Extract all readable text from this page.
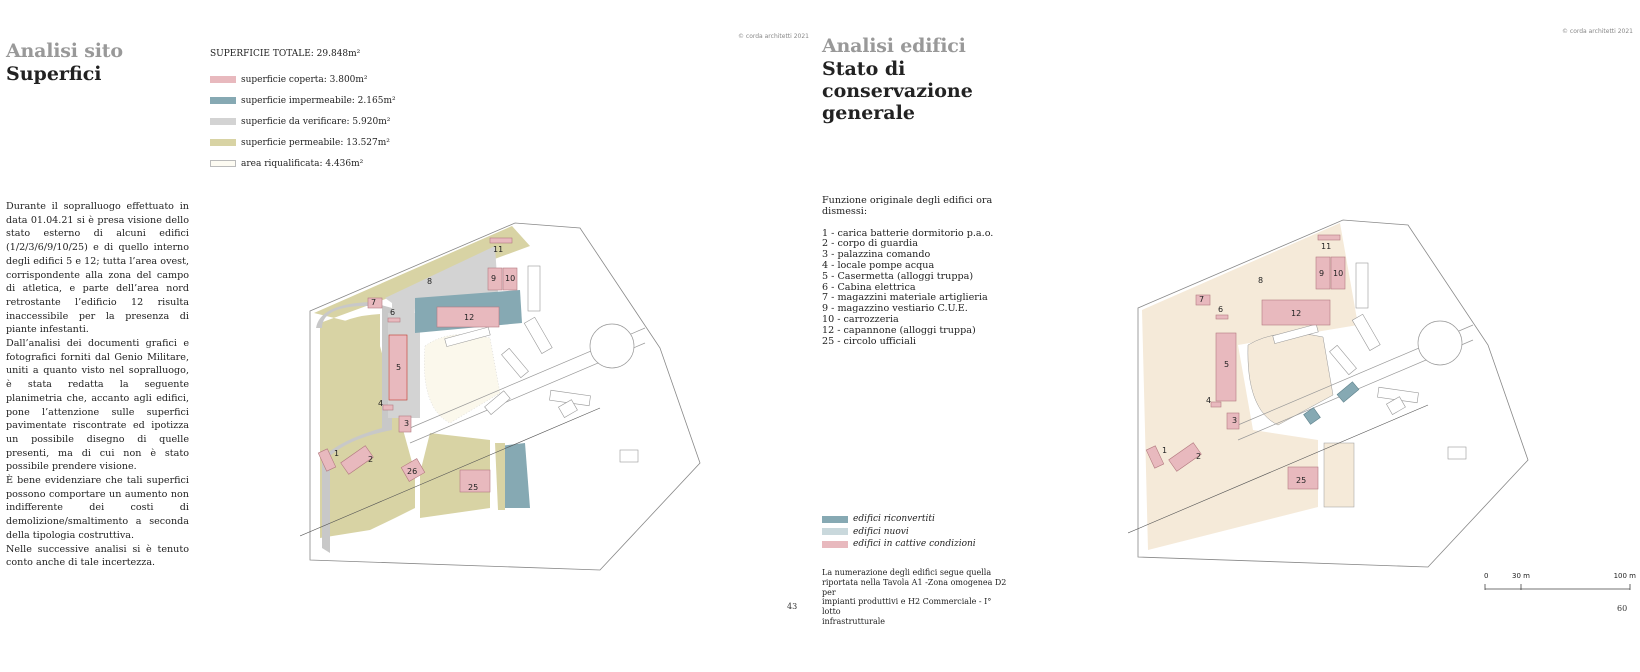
© corda architetti 2021
Analisi sito
Superfici
SUPERFICIE TOTALE: 29.848m²
superficie coperta: 3.800m²
superficie impermeabile: 2.165m²
superficie da verificare: 5.920m²
superficie permeabile: 13.527m²
area riqualificata: 4.436m²

Durante il sopralluogo effettuato in data 01.04.21 si è presa visione dello stato esterno di alcuni edifici (1/2/3/6/9/10/25) e di quello interno degli edifici 5 e 12; tutta l’area ovest, corrispondente alla zona del campo di atletica, e parte dell’area nord retrostante l’edificio 12 risulta inaccessibile per la presenza di piante infestanti.

Dall’analisi dei documenti grafici e fotografici forniti dal Genio Militare, uniti a quanto visto nel sopralluogo, è stata redatta la seguente planimetria che, accanto agli edifici, pone l’attenzione sulle superfici pavimentate riscontrate ed ipotizza un possibile disegno di quelle presenti, ma di cui non è stato possibile prendere visione.

È bene evidenziare che tali superfici possono comportare un aumento non indifferente dei costi di demolizione/smaltimento a seconda della tipologia costruttiva.

Nelle successive analisi si è tenuto conto anche di tale incertezza.

1
2
3
4
5
6
7
8	9 10
11
12
25
26
43
© corda architetti 2021
Analisi edifici
Stato di
conservazione
generale
Funzione originale degli edifici ora
dismessi:
1 - carica batterie dormitorio p.a.o.
2 - corpo di guardia
3 - palazzina comando
4 - locale pompe acqua
5 - Casermetta (alloggi truppa)
6 - Cabina elettrica
7 - magazzini materiale artiglieria
9 - magazzino vestiario C.U.E.
10 - carrozzeria
12 - capannone (alloggi truppa)
25 - circolo ufficiali
edifici riconvertiti
edifici nuovi
edifici in cattive condizioni
La numerazione degli edifici segue quella
riportata nella Tavola A1 -Zona omogenea D2 per
impianti produttivi e H2 Commerciale - I° lotto
infrastrutturale
1
2
3
4
5
6
7
8
9 10
11
12
25
0	30 m	100 m
60
